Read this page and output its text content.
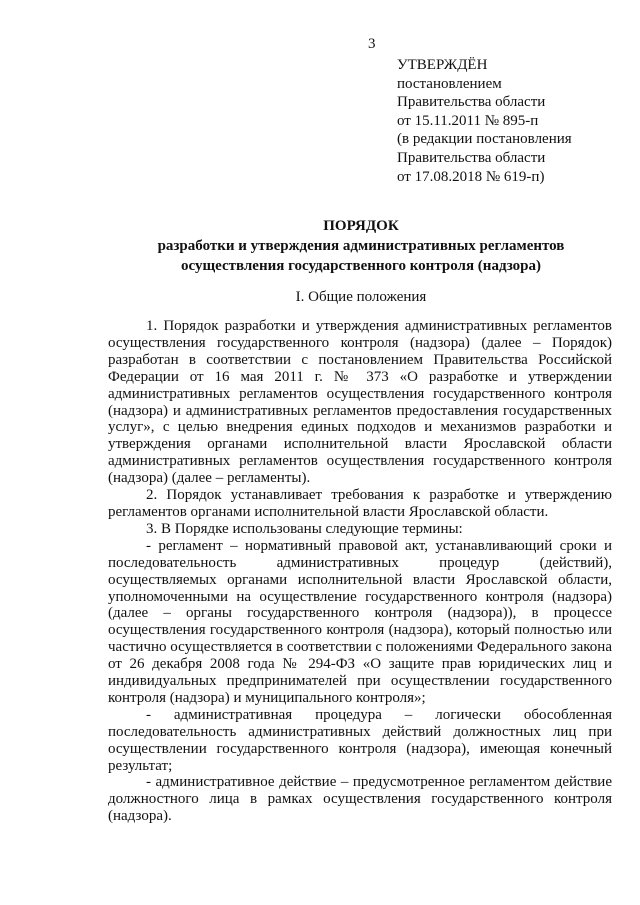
3
УТВЕРЖДЁН
постановлением
Правительства области
от 15.11.2011 № 895-п
(в редакции постановления
Правительства области
от 17.08.2018 № 619-п)
ПОРЯДОК
разработки и утверждения административных регламентов
осуществления государственного контроля (надзора)
I. Общие положения

1. Порядок разработки и утверждения административных регламентов осуществления государственного контроля (надзора) (далее – Порядок) разработан в соответствии с постановлением Правительства Российской Федерации от 16 мая 2011 г. № 373 «О разработке и утверждении административных регламентов осуществления государственного контроля (надзора) и административных регламентов предоставления государственных услуг», с целью внедрения единых подходов и механизмов разработки и утверждения органами исполнительной власти Ярославской области административных регламентов осуществления государственного контроля (надзора) (далее – регламенты).

2. Порядок устанавливает требования к разработке и утверждению регламентов органами исполнительной власти Ярославской области.

3. В Порядке использованы следующие термины:

- регламент – нормативный правовой акт, устанавливающий сроки и последовательность административных процедур (действий), осуществляемых органами исполнительной власти Ярославской области, уполномоченными на осуществление государственного контроля (надзора) (далее – органы государственного контроля (надзора)), в процессе осуществления государственного контроля (надзора), который полностью или частично осуществляется в соответствии с положениями Федерального закона от 26 декабря 2008 года № 294-ФЗ «О защите прав юридических лиц и индивидуальных предпринимателей при осуществлении государственного контроля (надзора) и муниципального контроля»;

- административная процедура – логически обособленная последовательность административных действий должностных лиц при осуществлении государственного контроля (надзора), имеющая конечный результат;

- административное действие – предусмотренное регламентом действие должностного лица в рамках осуществления государственного контроля (надзора).
